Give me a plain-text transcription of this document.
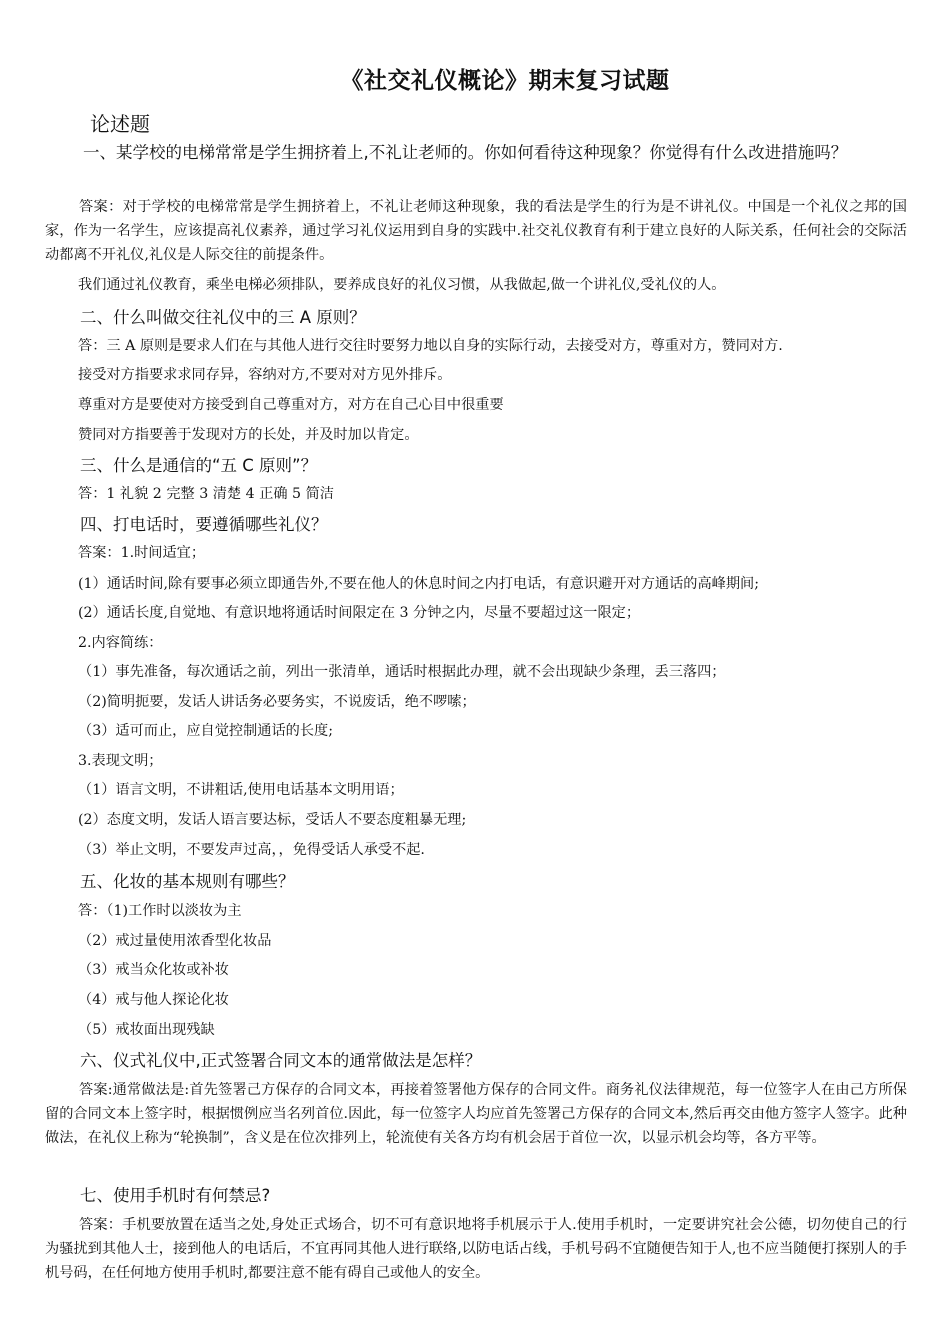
《社交礼仪概论》期末复习试题
论述题
一、某学校的电梯常常是学生拥挤着上,不礼让老师的。你如何看待这种现象？你觉得有什么改进措施吗？
答案：对于学校的电梯常常是学生拥挤着上，不礼让老师这种现象，我的看法是学生的行为是不讲礼仪。中国是一个礼仪之邦的国家，作为一名学生，应该提高礼仪素养，通过学习礼仪运用到自身的实践中.社交礼仪教育有利于建立良好的人际关系，任何社会的交际活动都离不开礼仪,礼仪是人际交往的前提条件。
我们通过礼仪教育，乘坐电梯必须排队，要养成良好的礼仪习惯，从我做起,做一个讲礼仪,受礼仪的人。
二、什么叫做交往礼仪中的三 A 原则？
答：三 A 原则是要求人们在与其他人进行交往时要努力地以自身的实际行动，去接受对方，尊重对方，赞同对方.
接受对方指要求求同存异，容纳对方,不要对对方见外排斥。
尊重对方是要使对方接受到自己尊重对方，对方在自己心目中很重要
赞同对方指要善于发现对方的长处，并及时加以肯定。
三、什么是通信的“五 C 原则”？
答：1 礼貌 2 完整 3 清楚 4 正确 5 简洁
四、打电话时，要遵循哪些礼仪？
答案：1.时间适宜；
(1）通话时间,除有要事必须立即通告外,不要在他人的休息时间之内打电话，有意识避开对方通话的高峰期间;
(2）通话长度,自觉地、有意识地将通话时间限定在 3 分钟之内，尽量不要超过这一限定；
2.内容简练：
（1）事先准备，每次通话之前，列出一张清单，通话时根据此办理，就不会出现缺少条理，丢三落四；
（2)简明扼要，发话人讲话务必要务实，不说废话，绝不啰嗦；
（3）适可而止，应自觉控制通话的长度;
3.表现文明；
（1）语言文明，不讲粗话,使用电话基本文明用语；
(2）态度文明，发话人语言要达标，受话人不要态度粗暴无理;
（3）举止文明，不要发声过高，，免得受话人承受不起.
五、化妆的基本规则有哪些？
答：（1)工作时以淡妆为主
（2）戒过量使用浓香型化妆品
（3）戒当众化妆或补妆
（4）戒与他人探论化妆
（5）戒妆面出现残缺
六、仪式礼仪中,正式签署合同文本的通常做法是怎样？
答案:通常做法是:首先签署己方保存的合同文本，再接着签署他方保存的合同文件。商务礼仪法律规范，每一位签字人在由己方所保留的合同文本上签字时，根据惯例应当名列首位.因此，每一位签字人均应首先签署己方保存的合同文本,然后再交由他方签字人签字。此种做法，在礼仪上称为“轮换制”，含义是在位次排列上，轮流使有关各方均有机会居于首位一次，以显示机会均等，各方平等。
七、使用手机时有何禁忌?
答案：手机要放置在适当之处,身处正式场合，切不可有意识地将手机展示于人.使用手机时，一定要讲究社会公德，切勿使自己的行为骚扰到其他人士，接到他人的电话后，不宜再同其他人进行联络,以防电话占线，手机号码不宜随便告知于人,也不应当随便打探别人的手机号码，在任何地方使用手机时,都要注意不能有碍自己或他人的安全。
